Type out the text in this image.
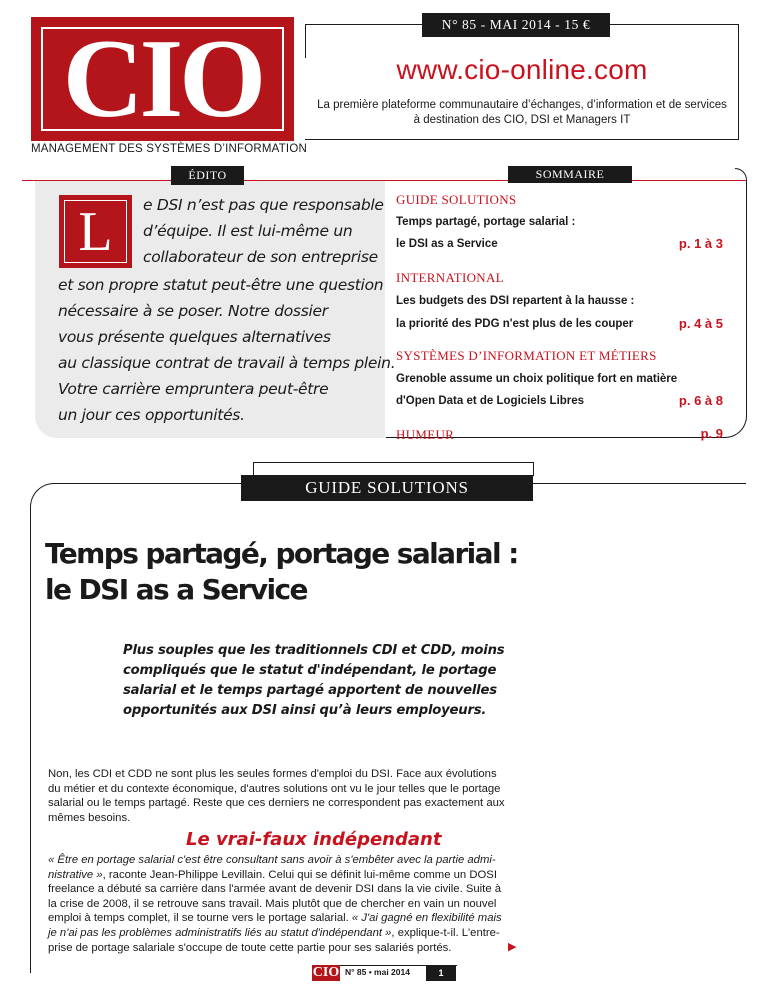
CIO
MANAGEMENT DES SYSTÈMES D’INFORMATION
N° 85 - MAI 2014 - 15 €
www.cio-online.com
La première plateforme communautaire d’échanges, d’information et de services
à destination des CIO, DSI et Managers IT
ÉDITO	SOMMAIRE
L	e DSI n’est pas que responsable
d’équipe. Il est lui-même un
collaborateur de son entreprise
et son propre statut peut-être une question
nécessaire à se poser. Notre dossier
vous présente quelques alternatives
au classique contrat de travail à temps plein.
Votre carrière empruntera peut-être
un jour ces opportunités.
GUIDE SOLUTIONS
Temps partagé, portage salarial :
le DSI as a Service	p. 1 à 3
INTERNATIONAL
Les budgets des DSI repartent à la hausse :
la priorité des PDG n'est plus de les couper	p. 4 à 5
SYSTÈMES D’INFORMATION ET MÉTIERS
Grenoble assume un choix politique fort en matière
d'Open Data et de Logiciels Libres	p. 6 à 8
HUMEUR	p. 9
GUIDE SOLUTIONS
Temps partagé, portage salarial :
le DSI as a Service
Plus souples que les traditionnels CDI et CDD, moins
compliqués que le statut d'indépendant, le portage
salarial et le temps partagé apportent de nouvelles
opportunités aux DSI ainsi qu’à leurs employeurs.
Non, les CDI et CDD ne sont plus les seules formes d'emploi du DSI. Face aux évolutions
du métier et du contexte économique, d'autres solutions ont vu le jour telles que le portage
salarial ou le temps partagé. Reste que ces derniers ne correspondent pas exactement aux
mêmes besoins.
Le vrai-faux indépendant
« Être en portage salarial c'est être consultant sans avoir à s'embêter avec la partie admi-
nistrative », raconte Jean-Philippe Levillain. Celui qui se définit lui-même comme un DOSI
freelance a débuté sa carrière dans l'armée avant de devenir DSI dans la vie civile. Suite à
la crise de 2008, il se retrouve sans travail. Mais plutôt que de chercher en vain un nouvel
emploi à temps complet, il se tourne vers le portage salarial. « J'ai gagné en flexibilité mais
je n'ai pas les problèmes administratifs liés au statut d'indépendant », explique-t-il. L'entre-
prise de portage salariale s'occupe de toute cette partie pour ses salariés portés.	▶
CIO N° 85 • mai 2014	1
